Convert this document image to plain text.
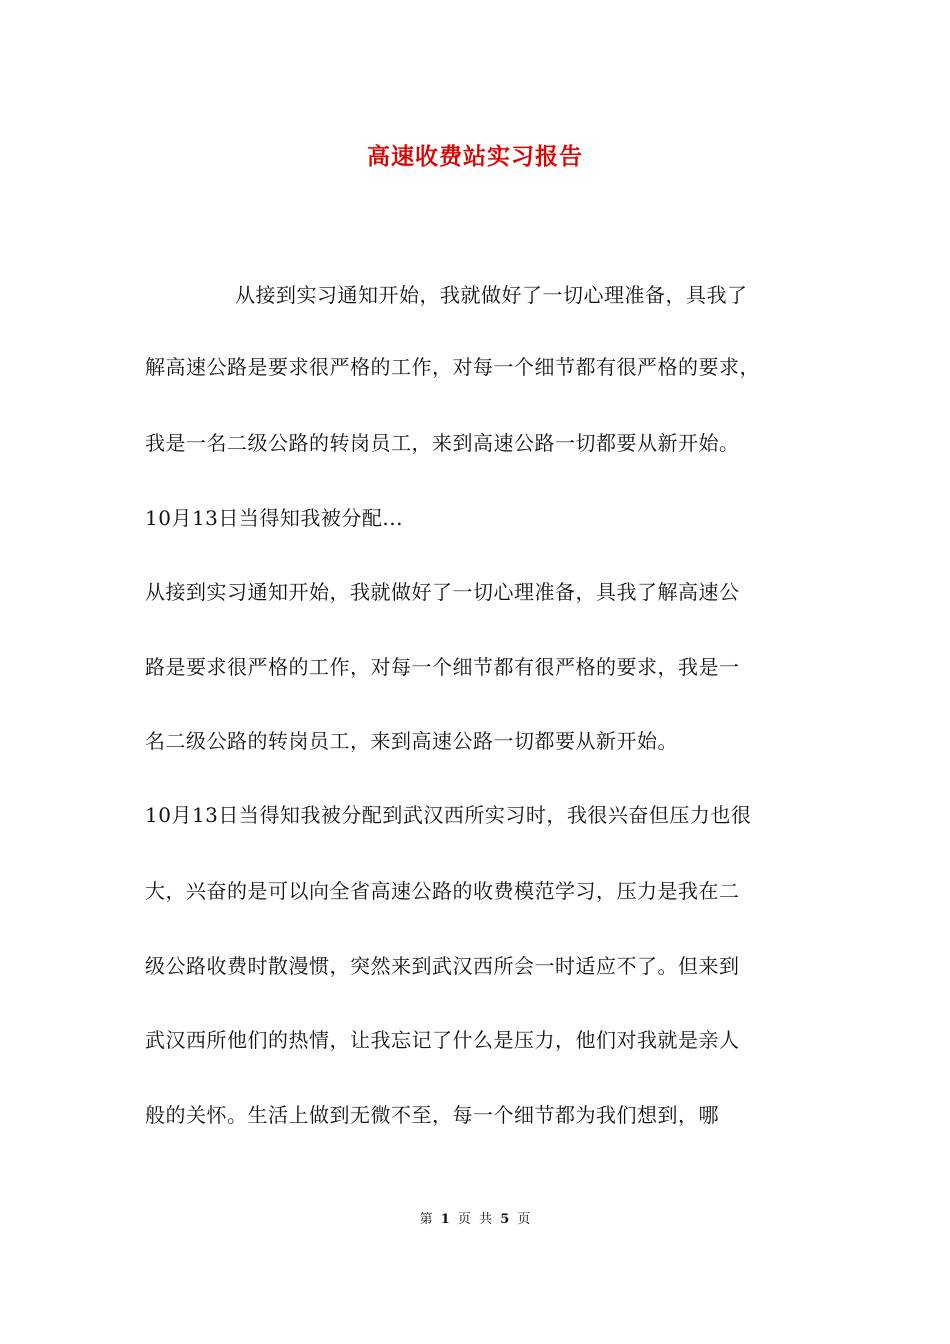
高速收费站实习报告
从接到实习通知开始，我就做好了一切心理准备，具我了
解高速公路是要求很严格的工作，对每一个细节都有很严格的要求，
我是一名二级公路的转岗员工，来到高速公路一切都要从新开始。
10月13日当得知我被分配...
从接到实习通知开始，我就做好了一切心理准备，具我了解高速公
路是要求很严格的工作，对每一个细节都有很严格的要求，我是一
名二级公路的转岗员工，来到高速公路一切都要从新开始。
10月13日当得知我被分配到武汉西所实习时，我很兴奋但压力也很
大，兴奋的是可以向全省高速公路的收费模范学习，压力是我在二
级公路收费时散漫惯，突然来到武汉西所会一时适应不了。但来到
武汉西所他们的热情，让我忘记了什么是压力，他们对我就是亲人
般的关怀。生活上做到无微不至，每一个细节都为我们想到，哪
第 1 页 共 5 页
